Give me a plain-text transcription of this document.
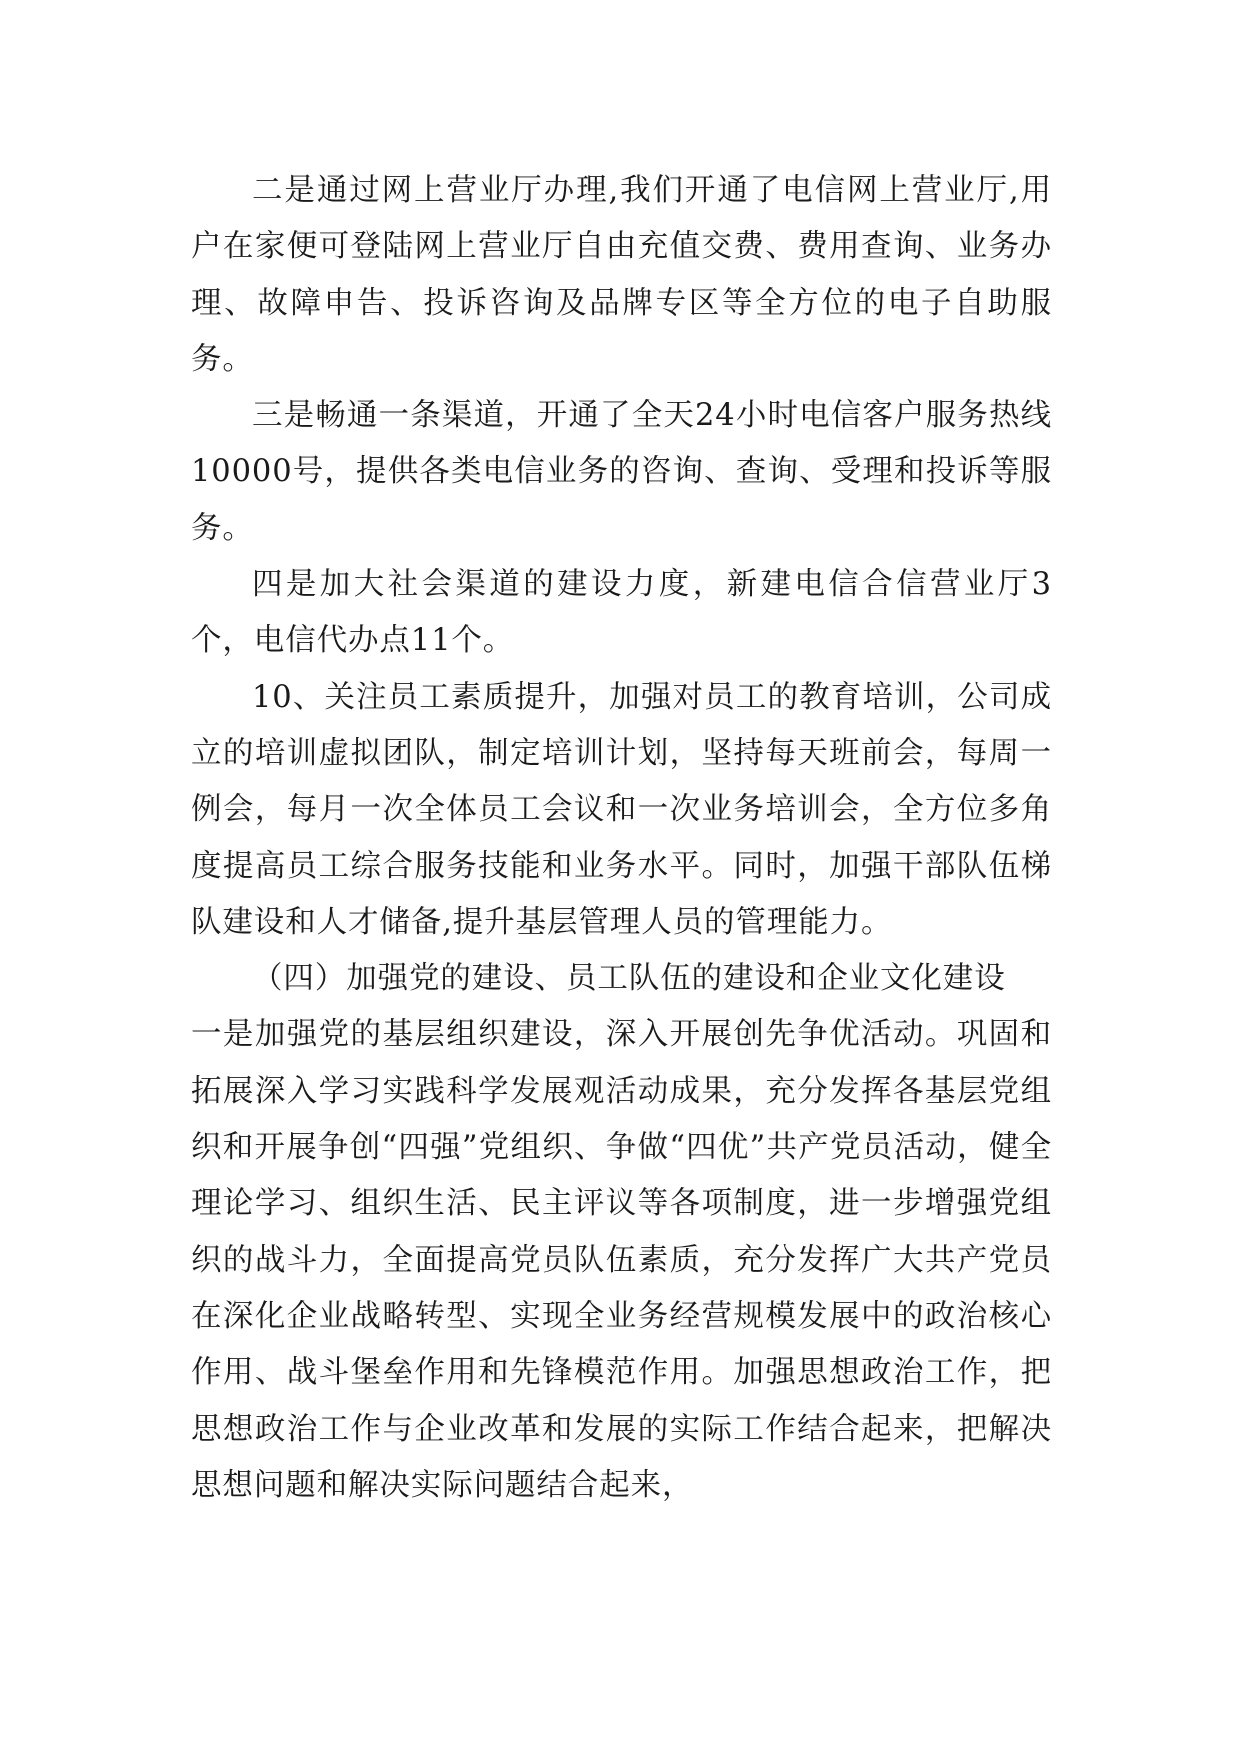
二是通过网上营业厅办理,我们开通了电信网上营业厅,用户在家便可登陆网上营业厅自由充值交费、费用查询、业务办理、故障申告、投诉咨询及品牌专区等全方位的电子自助服务。

三是畅通一条渠道，开通了全天24小时电信客户服务热线10000号，提供各类电信业务的咨询、查询、受理和投诉等服务。

四是加大社会渠道的建设力度，新建电信合信营业厅3个，电信代办点11个。

10、关注员工素质提升，加强对员工的教育培训，公司成立的培训虚拟团队，制定培训计划，坚持每天班前会，每周一例会，每月一次全体员工会议和一次业务培训会，全方位多角度提高员工综合服务技能和业务水平。同时，加强干部队伍梯队建设和人才储备,提升基层管理人员的管理能力。

（四）加强党的建设、员工队伍的建设和企业文化建设

一是加强党的基层组织建设，深入开展创先争优活动。巩固和拓展深入学习实践科学发展观活动成果，充分发挥各基层党组织和开展争创“四强”党组织、争做“四优”共产党员活动，健全理论学习、组织生活、民主评议等各项制度，进一步增强党组织的战斗力，全面提高党员队伍素质，充分发挥广大共产党员在深化企业战略转型、实现全业务经营规模发展中的政治核心作用、战斗堡垒作用和先锋模范作用。加强思想政治工作，把思想政治工作与企业改革和发展的实际工作结合起来，把解决思想问题和解决实际问题结合起来，
